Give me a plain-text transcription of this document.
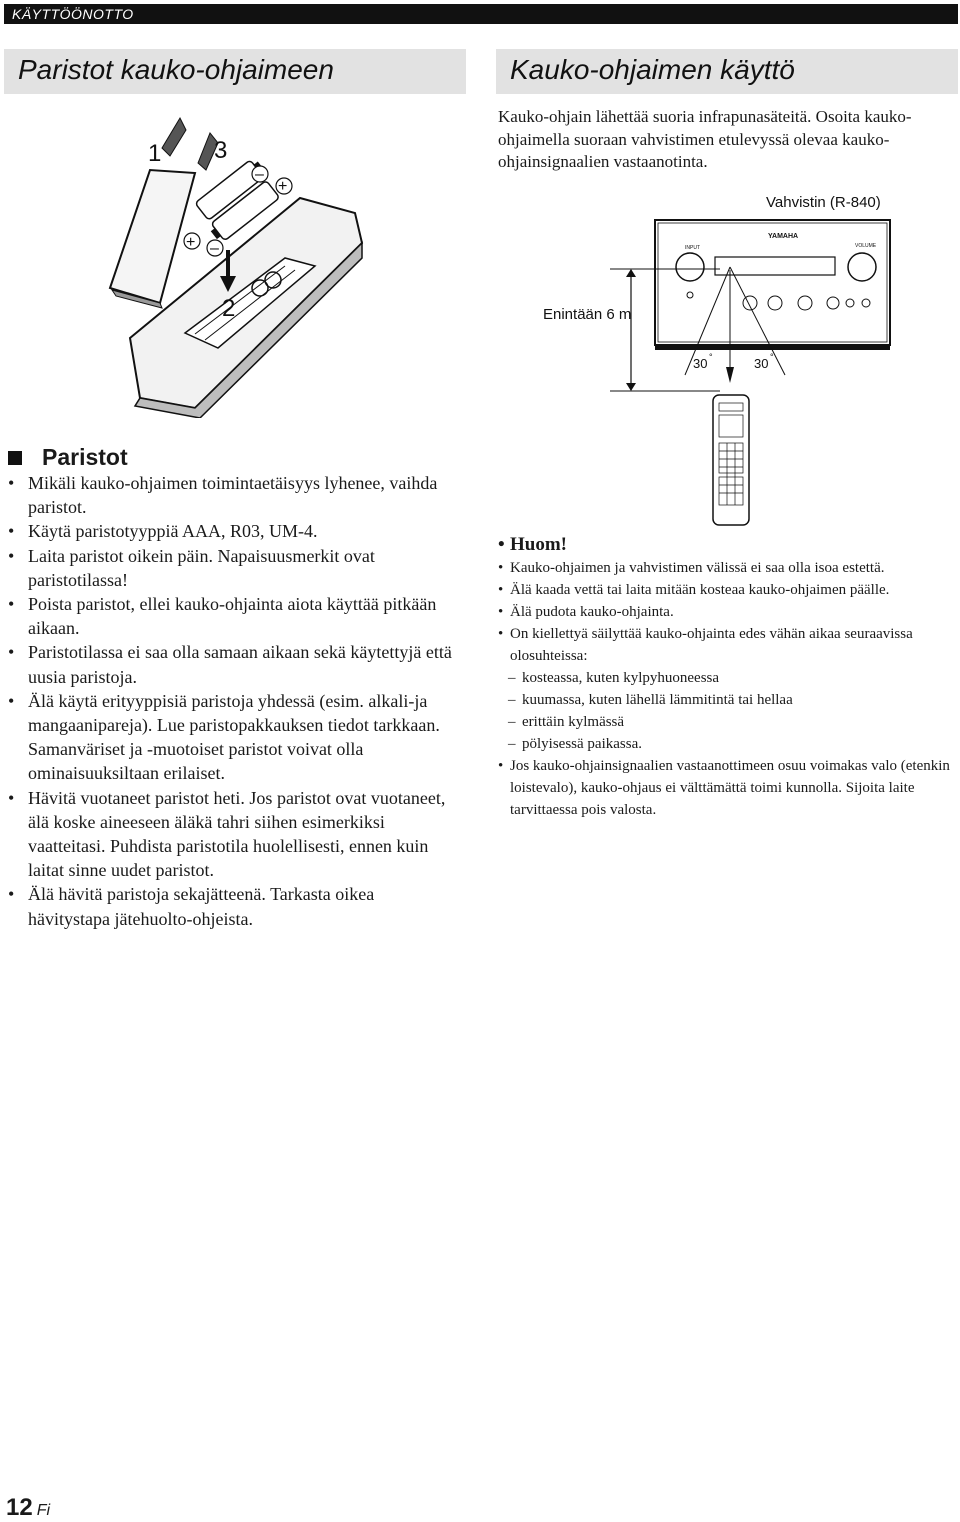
KÄYTTÖÖNOTTO
Paristot kauko-ohjaimeen	Kauko-ohjaimen käyttö
Kauko-ohjain lähettää suoria infrapunasäteitä. Osoita kauko-ohjaimella suoraan vahvistimen etulevyssä olevaa kauko-ohjainsignaalien vastaanotinta.
1 3
2
+ –
–
+
Vahvistin (R-840)
YAMAHA
INPUT	VOLUME
Enintään 6 m
30 °	30 °
Paristot
• Mikäli kauko-ohjaimen toimintaetäisyys lyhenee, vaihda paristot.
• Käytä paristotyyppiä AAA, R03, UM-4.
• Laita paristot oikein päin. Napaisuusmerkit ovat paristotilassa!
• Poista paristot, ellei kauko-ohjainta aiota käyttää pitkään aikaan.
• Paristotilassa ei saa olla samaan aikaan sekä käytettyjä että uusia paristoja.
• Älä käytä erityyppisiä paristoja yhdessä (esim. alkali-ja mangaanipareja). Lue paristopakkauksen tiedot tarkkaan. Samanväriset ja -muotoiset paristot voivat olla ominaisuuksiltaan erilaiset.
• Hävitä vuotaneet paristot heti. Jos paristot ovat vuotaneet, älä koske aineeseen äläkä tahri siihen esimerkiksi vaatteitasi. Puhdista paristotila huolellisesti, ennen kuin laitat sinne uudet paristot.
• Älä hävitä paristoja sekajätteenä. Tarkasta oikea hävitystapa jätehuolto-ohjeista.
• Huom!
• Kauko-ohjaimen ja vahvistimen välissä ei saa olla isoa estettä.
• Älä kaada vettä tai laita mitään kosteaa kauko-ohjaimen päälle.
• Älä pudota kauko-ohjainta.
• On kiellettyä säilyttää kauko-ohjainta edes vähän aikaa seuraavissa olosuhteissa:
– kosteassa, kuten kylpyhuoneessa
– kuumassa, kuten lähellä lämmitintä tai hellaa
– erittäin kylmässä
– pölyisessä paikassa.
• Jos kauko-ohjainsignaalien vastaanottimeen osuu voimakas valo (etenkin loistevalo), kauko-ohjaus ei välttämättä toimi kunnolla. Sijoita laite tarvittaessa pois valosta.
12 Fi
